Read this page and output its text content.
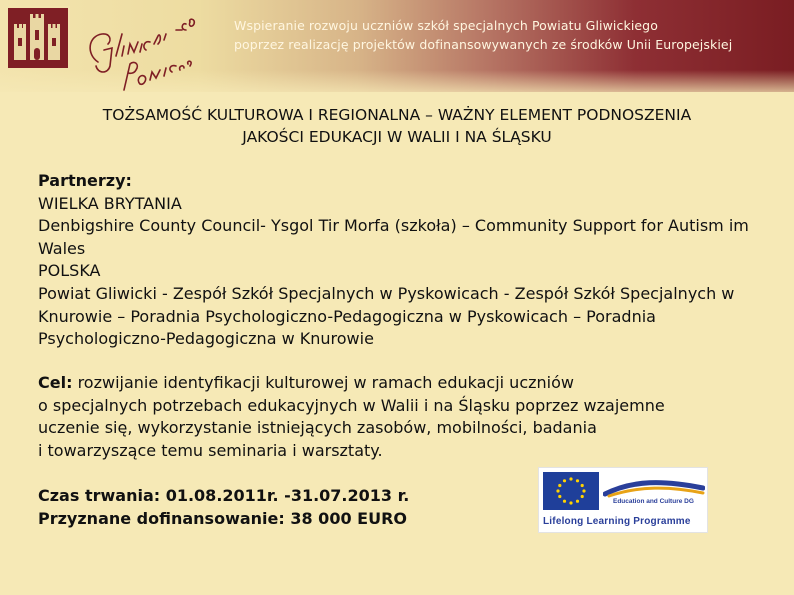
Wspieranie rozwoju uczniów szkół specjalnych Powiatu Gliwickiego
poprzez realizację projektów dofinansowywanych ze środków Unii Europejskiej
TOŻSAMOŚĆ KULTUROWA I REGIONALNA – WAŻNY ELEMENT PODNOSZENIA
JAKOŚCI EDUKACJI W WALII I NA ŚLĄSKU
Partnerzy:
WIELKA BRYTANIA
Denbigshire County Council- Ysgol Tir Morfa (szkoła) – Community Support for Autism im Wales
POLSKA
Powiat Gliwicki - Zespół Szkół Specjalnych w Pyskowicach - Zespół Szkół Specjalnych w Knurowie – Poradnia Psychologiczno-Pedagogiczna w Pyskowicach – Poradnia Psychologiczno-Pedagogiczna w Knurowie
Cel: rozwijanie identyfikacji kulturowej w ramach edukacji uczniów
o specjalnych potrzebach edukacyjnych w Walii i na Śląsku poprzez wzajemne
uczenie się, wykorzystanie istniejących zasobów, mobilności, badania
i towarzyszące temu seminaria i warsztaty.
Czas trwania: 01.08.2011r. -31.07.2013 r.
Przyznane dofinansowanie: 38 000 EURO
Education and Culture DG
Lifelong Learning Programme
